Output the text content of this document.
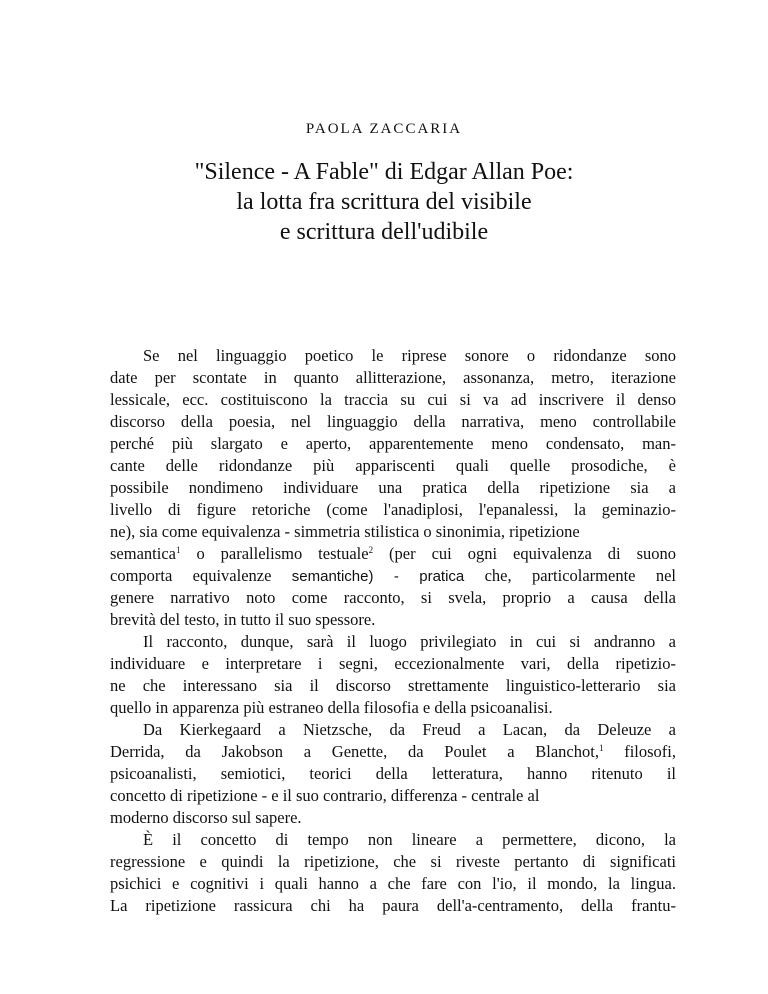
PAOLA ZACCARIA
"Silence - A Fable" di Edgar Allan Poe:
la lotta fra scrittura del visibile
e scrittura dell'udibile
Se nel linguaggio poetico le riprese sonore o ridondanze sono
date per scontate in quanto allitterazione, assonanza, metro, iterazione
lessicale, ecc. costituiscono la traccia su cui si va ad inscrivere il denso
discorso della poesia, nel linguaggio della narrativa, meno controllabile
perché più slargato e aperto, apparentemente meno condensato, man-
cante delle ridondanze più appariscenti quali quelle prosodiche, è
possibile nondimeno individuare una pratica della ripetizione sia a
livello di figure retoriche (come l'anadiplosi, l'epanalessi, la geminazio-
ne), sia come equivalenza - simmetria stilistica o sinonimia, ripetizione
semantica$^1$ o parallelismo testuale$^2$ (per cui ogni equivalenza di suono
comporta equivalenze semantiche) - pratica che, particolarmente nel
genere narrativo noto come racconto, si svela, proprio a causa della
brevità del testo, in tutto il suo spessore.
Il racconto, dunque, sarà il luogo privilegiato in cui si andranno a
individuare e interpretare i segni, eccezionalmente vari, della ripetizio-
ne che interessano sia il discorso strettamente linguistico-letterario sia
quello in apparenza più estraneo della filosofia e della psicoanalisi.
Da Kierkegaard a Nietzsche, da Freud a Lacan, da Deleuze a
Derrida, da Jakobson a Genette, da Poulet a Blanchot,$^1$ filosofi,
psicoanalisti, semiotici, teorici della letteratura, hanno ritenuto il
concetto di ripetizione - e il suo contrario, differenza - centrale al
moderno discorso sul sapere.
È il concetto di tempo non lineare a permettere, dicono, la
regressione e quindi la ripetizione, che si riveste pertanto di significati
psichici e cognitivi i quali hanno a che fare con l'io, il mondo, la lingua.
La ripetizione rassicura chi ha paura dell'a-centramento, della frantu-
